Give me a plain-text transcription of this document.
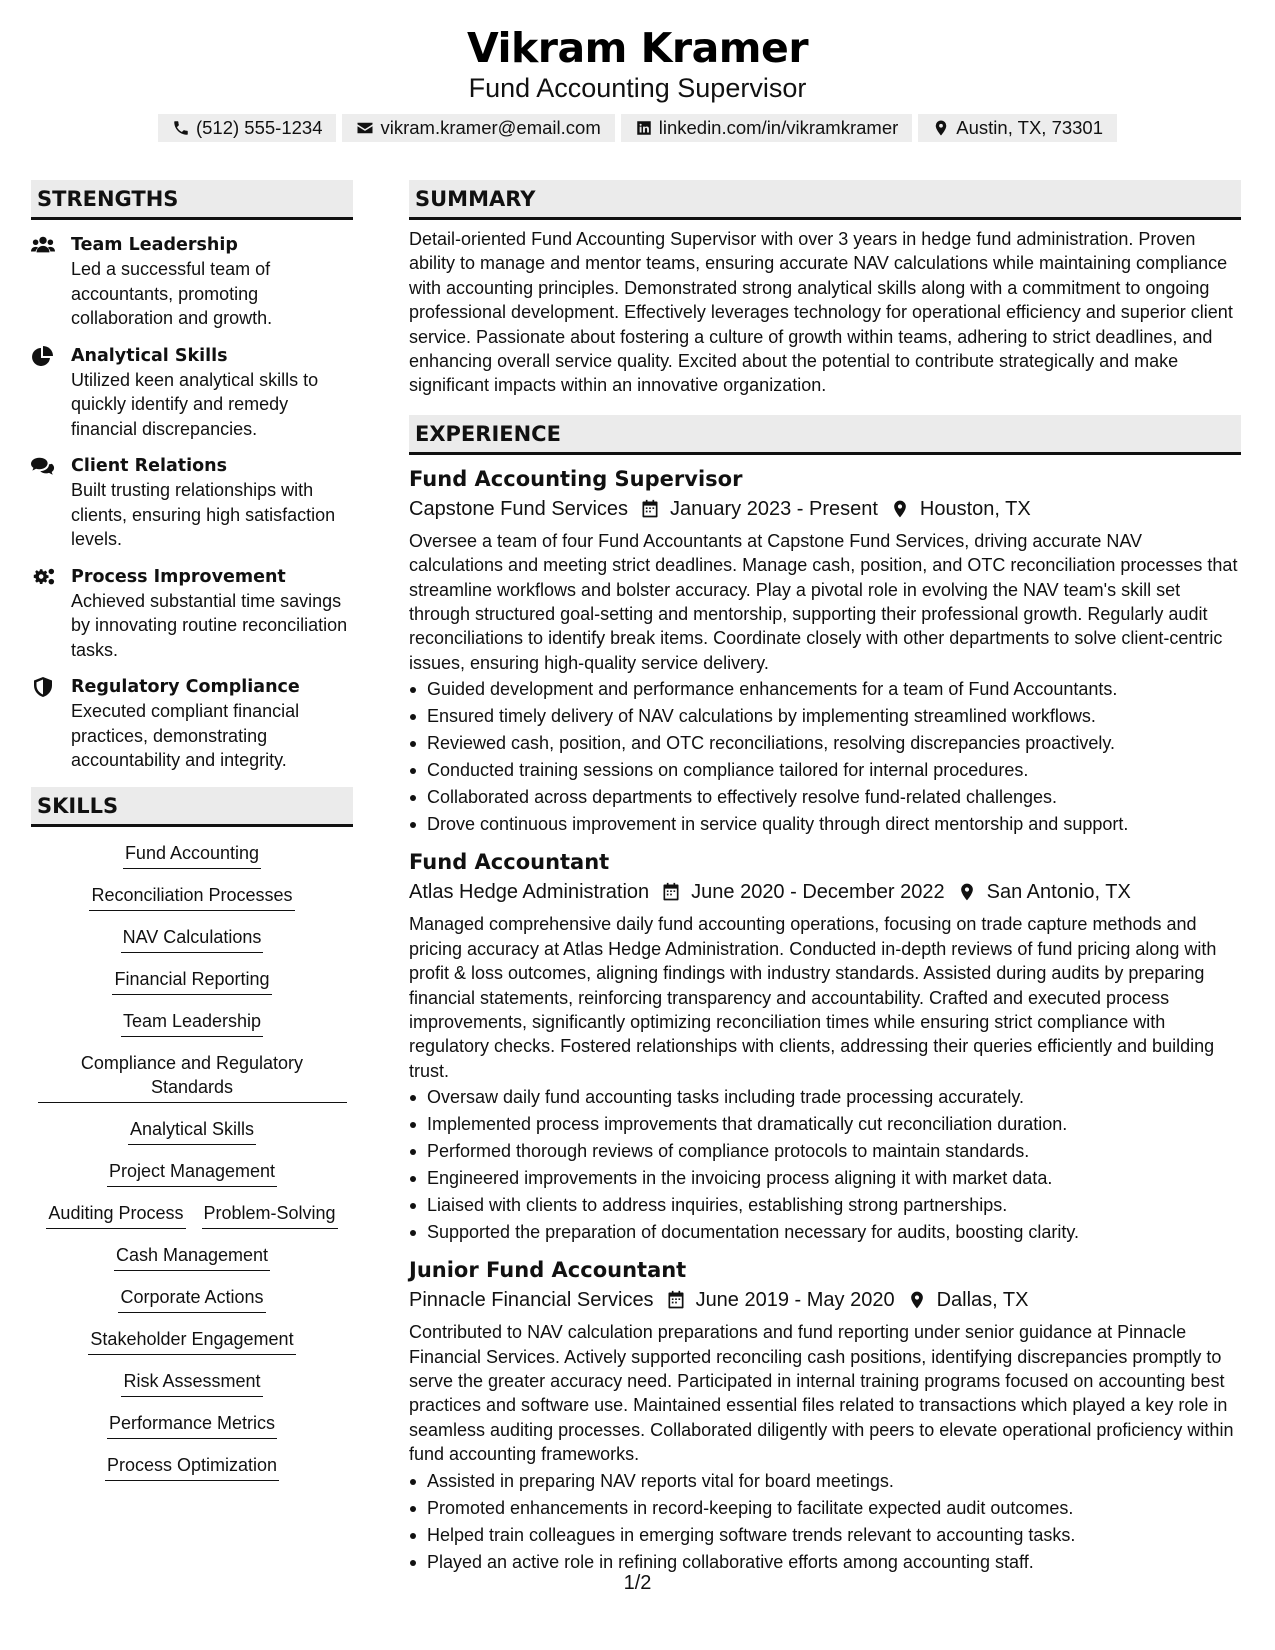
Vikram Kramer
Fund Accounting Supervisor
(512) 555-1234	vikram.kramer@email.com	linkedin.com/in/vikramkramer	Austin, TX, 73301
STRENGTHS
Team Leadership
Led a successful team of accountants, promoting collaboration and growth.
Analytical Skills
Utilized keen analytical skills to quickly identify and remedy financial discrepancies.
Client Relations
Built trusting relationships with clients, ensuring high satisfaction levels.
Process Improvement
Achieved substantial time savings by innovating routine reconciliation tasks.
Regulatory Compliance
Executed compliant financial practices, demonstrating accountability and integrity.
SKILLS
Fund Accounting
Reconciliation Processes
NAV Calculations
Financial Reporting
Team Leadership
Compliance and Regulatory Standards
Analytical Skills
Project Management
Auditing Process Problem-Solving
Cash Management
Corporate Actions
Stakeholder Engagement
Risk Assessment
Performance Metrics
Process Optimization
SUMMARY
Detail-oriented Fund Accounting Supervisor with over 3 years in hedge fund administration. Proven ability to manage and mentor teams, ensuring accurate NAV calculations while maintaining compliance with accounting principles. Demonstrated strong analytical skills along with a commitment to ongoing professional development. Effectively leverages technology for operational efficiency and superior client service. Passionate about fostering a culture of growth within teams, adhering to strict deadlines, and enhancing overall service quality. Excited about the potential to contribute strategically and make significant impacts within an innovative organization.
EXPERIENCE
Fund Accounting Supervisor
Capstone Fund Services January 2023 - Present Houston, TX
Oversee a team of four Fund Accountants at Capstone Fund Services, driving accurate NAV calculations and meeting strict deadlines. Manage cash, position, and OTC reconciliation processes that streamline workflows and bolster accuracy. Play a pivotal role in evolving the NAV team's skill set through structured goal-setting and mentorship, supporting their professional growth. Regularly audit reconciliations to identify break items. Coordinate closely with other departments to solve client-centric issues, ensuring high-quality service delivery.
Guided development and performance enhancements for a team of Fund Accountants.
Ensured timely delivery of NAV calculations by implementing streamlined workflows.
Reviewed cash, position, and OTC reconciliations, resolving discrepancies proactively.
Conducted training sessions on compliance tailored for internal procedures.
Collaborated across departments to effectively resolve fund-related challenges.
Drove continuous improvement in service quality through direct mentorship and support.
Fund Accountant
Atlas Hedge Administration June 2020 - December 2022 San Antonio, TX
Managed comprehensive daily fund accounting operations, focusing on trade capture methods and pricing accuracy at Atlas Hedge Administration. Conducted in-depth reviews of fund pricing along with profit & loss outcomes, aligning findings with industry standards. Assisted during audits by preparing financial statements, reinforcing transparency and accountability. Crafted and executed process improvements, significantly optimizing reconciliation times while ensuring strict compliance with regulatory checks. Fostered relationships with clients, addressing their queries efficiently and building trust.
Oversaw daily fund accounting tasks including trade processing accurately.
Implemented process improvements that dramatically cut reconciliation duration.
Performed thorough reviews of compliance protocols to maintain standards.
Engineered improvements in the invoicing process aligning it with market data.
Liaised with clients to address inquiries, establishing strong partnerships.
Supported the preparation of documentation necessary for audits, boosting clarity.
Junior Fund Accountant
Pinnacle Financial Services June 2019 - May 2020 Dallas, TX
Contributed to NAV calculation preparations and fund reporting under senior guidance at Pinnacle Financial Services. Actively supported reconciling cash positions, identifying discrepancies promptly to serve the greater accuracy need. Participated in internal training programs focused on accounting best practices and software use. Maintained essential files related to transactions which played a key role in seamless auditing processes. Collaborated diligently with peers to elevate operational proficiency within fund accounting frameworks.
Assisted in preparing NAV reports vital for board meetings.
Promoted enhancements in record-keeping to facilitate expected audit outcomes.
Helped train colleagues in emerging software trends relevant to accounting tasks.
Played an active role in refining collaborative efforts among accounting staff.
1/2
